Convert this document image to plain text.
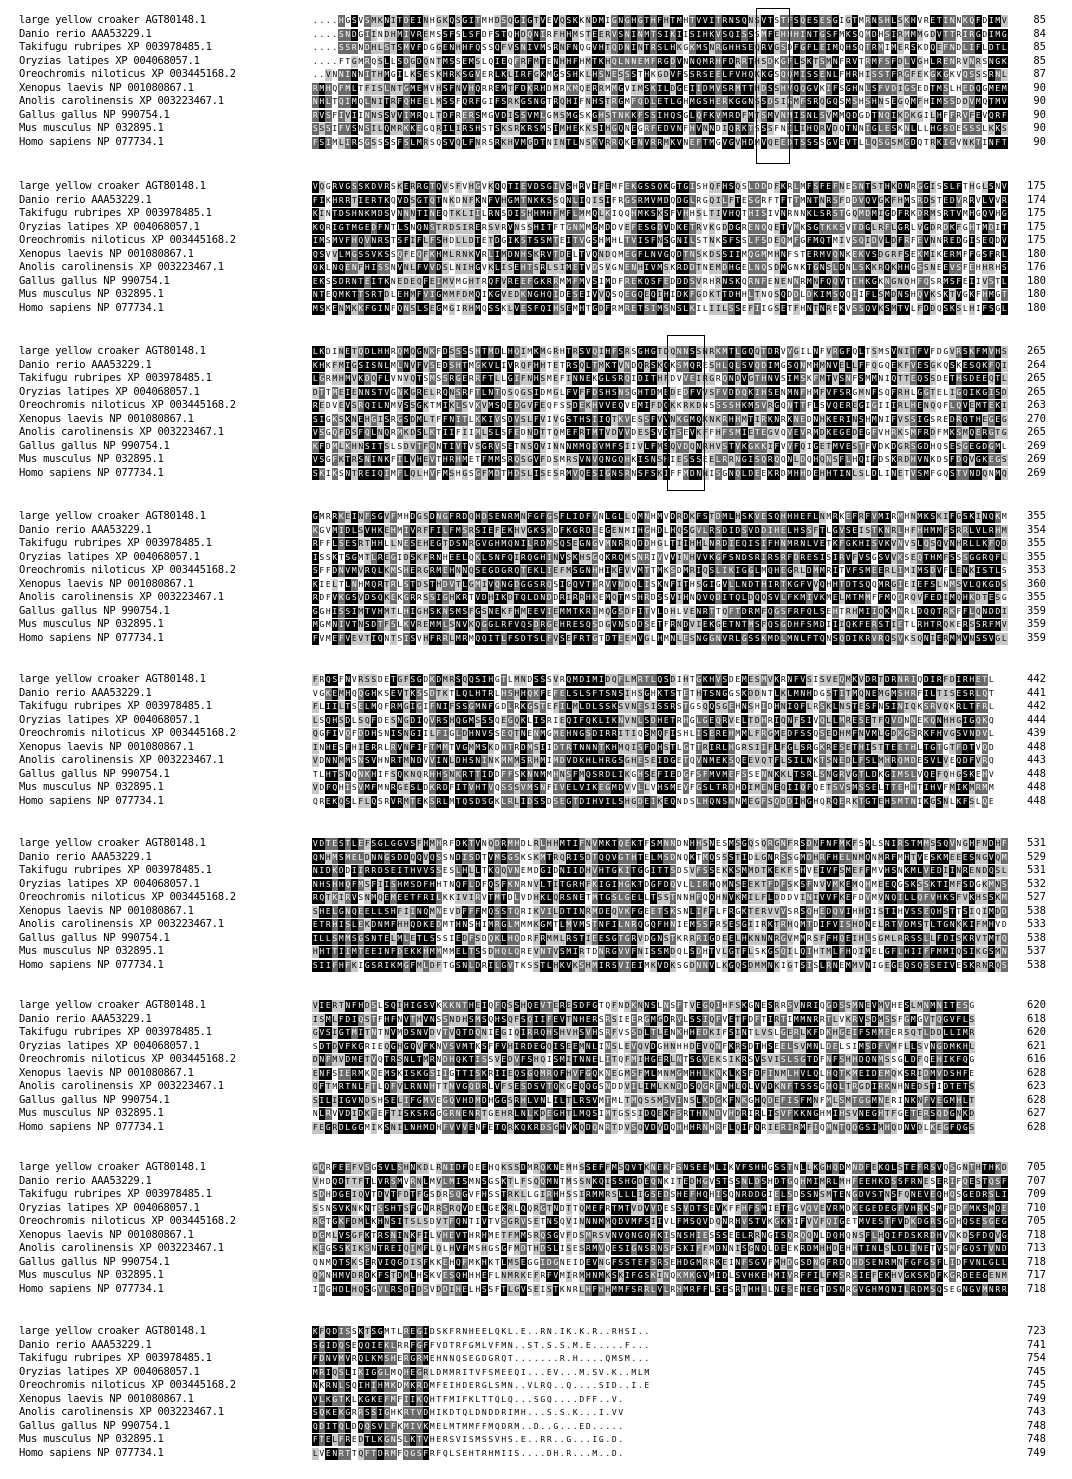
large yellow croaker AGT80148.1	. . . . H G S V S M K N I T D E I N H G K Q S G I T M H D S Q G I G T V E V Q S K K N D M I G N G H G T H F H T M H T V V I T R N S Q N S V T S T F S Q E S E S G I G T M R N S H L S K H V R E T I N N K Q F D I M V	85
Danio rerio AAA53229.1	. . . . S N D G I I N D H M I V R E M S S F S L S F D F S T Q H D Q N I R F H H M S T E E R V S N I N M T S I K I I S I H K V S Q I S S S M F E H H H I N T G S F M K S Q M D H S I R M M M G D V T T R I R G D I M G	84
Takifugu rubripes XP 003978485.1	. . . . S S R N D H L S T S M V F D G G E N H H F Q S S Q F V S N I V M S R N F N Q G V H T Q D N I N T R S L H K G K M S N R G H H S E Q R V G S D F G F L E I M Q H S Q T R M I M E R S K D Q E F N D L I F L D T L	85
Oryzias latipes XP 004068057.1	. . . . F T G M R Q S L L S D G D Q N T M S S E M S L Q I E Q F R F M T E N H H F H M T K H Q L N N E M F R G D V N N Q M R H F D R R T H S D K G F L S K T S M N F R V T R M F S F D L V G H L R E N R V N R S N G K	85
Oreochromis niloticus XP 003445168.2	. . V N N I N N I T H M G I L K S E S K H R K S G V E R L K L I R F G K M G S S H K L H S N E S S S T H K G D V F S S R S E E L F V H Q K K G S Q Q M I S S E N L F H R H I S S T F R G F E K G K G K V Q S S S R N L	87
Xenopus laevis NP 001080867.1	R M H Q F M L T F I S L N T G M E M V H S F N V H Q R R E M T F D K R H D M R K M Q E R R M M G V I M S K I L D G E I I D M V S R M T T H D S S H V Q Q G V K I F S G H N L S F V D I G S E D T M S L H E D Q G M E M	90
Anolis carolinensis XP 003223467.1	N H L T Q I M Q L N I T R F Q H E E L M S S F Q R F G I F S R K G S N G T R Q H I F N H S T R G M F Q D L E T L G H M G S H E R K G G N S S D S I G M F S R Q G Q S M S H S H N S E G Q M F H I M S S D D V M Q T M V	90
Gallus gallus NP 990754.1	R V S F I V I I N N S S V V I M R Q L T D F R E R S M G V D I S S V M L G M S M G S K G H S T N K K F S S I H Q S G L Q F K V M R D F M T S M V N M I S N L S V M M Q D G D T N Q I K D K G I L H F F R V F E V Q R F	90
Mus musculus NP 032895.1	S S S I F V S N S I L Q M R K K E G Q R I L I R S H S T S K S R K R S M S I M H E K K S I H G Q N E G R F E D V N F H V N N D I Q R K T S S S F N I L I H Q R V D Q T N N I G L E S K N L L L H G S D E S S S L K K S	90
Homo sapiens NP 077734.1	F S I M L I R S G S S S S F S L M R S Q S V Q L F N R S R K H V M G D T N I N T L N S K V R R Q K E N V R R M K V N E F T M G V G V H D M V Q E E D T S S S S G V E V T L L Q S G S M G D Q T R K I G V N K T I N F T	90
large yellow croaker AGT80148.1	V Q G R V G S S K D V R S K E R R G T Q V S F V H G V K Q Q T I E V D S G I V S H R V I F E M F E K G S S Q K G T G I S H Q F H S Q S L D D D F K R L M F S F E F N E S N T S T H K D N R G G I S S L F T H G L S N V	175
Danio rerio AAA53229.1	F I K H R R T I E R T K Q V D S G T Q T N K D N F K N F V H G M T N K K S S Q N L I Q I S I F R G S R M V M D Q D G L R G Q I L F T E S G R F T F T T M N T N R S F D D V Q V G K F H M S R D S T E D V R R V L V V R	174
Takifugu rubripes XP 003978485.1	K I N T D S H N K M D S V N N N T I N E Q T K L I I L R N S D I S H H M H F M F L M M Q L K I Q Q H M K S K S F V H H S L T I V H Q T H I S I V N R N N K L S R S T G Q M D M I G D F R K D R M S R T V M H G Q V H G	175
Oryzias latipes XP 004068057.1	K Q R I G T M G E D F N T L S N Q N S T R D S I R E R S V R V N S S H I T F T G N M M G M D D V E F E S G D V D K E T R V K G D D G R E N Q Q E T V M K S G T K K S V T D G L R F L G R L V G D R D K F G H T M D I T	175
Oreochromis niloticus XP 003445168.2	I M S M V F H Q V N R S T S F I F L F S H D L L D T E T D G I K S T S S M T E I T V G S H M H L T V I S F N S G N I L S T N K S F S S L F S D E Q M F G F M Q T M I V S Q I D V L D F R F E V N N R E D G I S E Q D V	175
Xenopus laevis NP 001080867.1	Q S V V L M G S S V K S S Q F E Q F K H M L R N K V R L I M D N H S K R V T D E L T V Q N D Q M E G F L N V G Q D T N S K D S S I I M Q G M M H N F S T E R M V Q N K E K V S D G R F S E K M I K E R M F F G S F R L	180
Anolis carolinensis XP 003223467.1	Q K L N Q E N F H I S S N V N L F V V D S L N I H G V K L I S E H T S R L S I M E T V D S V G N E N H I V M S K R D D T N E M D H G E L N Q S D M G N K T G N S L D N L S K K R Q K H H G S S N E E V S F E H H R H S	176
Gallus gallus NP 990754.1	E K S S D R N T E I T K N E D E Q F E I M V M G H T R Q F V R E E F G K R R M M F M V S I M D F R E K Q S F E D D D S V R H R N S K Q R N F E N E N N R M N F Q Q V T I H K G K N G N Q H F Q S R M S F E I I V S T L	180
Mus musculus NP 032895.1	N T E Q M K T T S R T D L E H M F V I G M M F D M Q I K G V E D K N G H Q I D E S E I V V Q S Q E G Q E Q I H I D K F G D K T T D H H L T N Q S Q D D L D K I M S Q Q I I F L S M D N S H Q V K S K T V G K F H M G T	180
Homo sapiens NP 077734.1	M S K E N M K K F G I N F Q N S L S E G M G I R H M Q S S K L V E S F Q I H S E M H T G D F R M R E T S I M S N S L K I L I I L S S E F I I G S E T F H N T N R E K V S S Q V K S M T V L F D D Q S K S L H I F S G L	180
large yellow croaker AGT80148.1	L K D I N E T Q D L H H R Q M Q G N K F D S S S S H T M D L H Q I M K M G R H T R S V Q I H F S R S G H G T D Q N N S S N R K M T L G Q Q T D R V V G I L N F V R G F Q L T S M S V N I T F V F D G V R S K F M V H S	265
Danio rerio AAA53229.1	K H K F M I G S I S N L M L N V F V S E D S H T M G K V L I V R Q F H H T E T R S Q L T M K T V N D Q R S K Q K S M Q R E S H L Q L S V Q D I M G S Q N M H M N V E L L F F Q G Q E K F V E S G K Q S K E S Q K F Q I	264
Takifugu rubripes XP 003978485.1	L G R M H M V K D Q F L V N V Q T S M S S R G E R R F T L L G I F N H S M E F I N N E K G L S R Q I D I T H F D V V E I R G R Q N D V G T H N V S I M S K F M T V S N F S M M N I Q T T E Q S S D E T H S D E E Q T L	265
Oryzias latipes XP 004068057.1	D T T M E I E N N S T V G N K G R E L R Q N S R F T L N T Q S Q G S I D M G L F V F F D S H S N S G H T D M E D E D F V V S F V D D Q K I H S E N M N F H M F V F S R G M N F S Q F R H L G G T E L I G Q I K G I S D	265
Oreochromis niloticus XP 003445168.2	R E D V E V S R Q I L N M V S S G K T M I K L S V K V M S Q E D G V F E Q F S S D E K H V V E Q V E M I F D Q K K R K D N S S S S H K M S V R G Q N T T F L S V Q E R E G I G I I I R L H E N Q Q F L Q V E M T E K I	263
Xenopus laevis NP 001080867.1	S I G K S K N E H G I S R G S D M L T F F N I T L K K I V S D V S L F V I V G S T H S I I Q T K V E S S F V V N K G M Q K N K R H H M T I R K N R K N E D N H K E R I N S H M N I F V S S I G S R E D R Q T H E G E G	270
Anolis carolinensis XP 003223467.1	V S G Q F D S F Q L N Q R M K D S L K T I I F I I M L S L S F E D N D T T Q M E F R T M T V D V V D E S S V D T S E V K F F H F S M I E T E G V Q V E V R M D K E G E D E G F V H R K S M F R D F M K S M Q E R G T G	265
Gallus gallus NP 990754.1	K F D M L K H N S I T S L S D V T F Q N T I V T V S G R V S E T N S Q V I N N N M M Q D V M F S I I V L F M S Q V D Q N R H V S T V K G K K I F V V F Q I G E T M V E S T F V D K D G R S G D H Q S E S G E G D G M L	269
Mus musculus NP 032895.1	V S G F K T R S N I N K F I L V H E V T H R H M E T F M M S R Q S G V F D S M R S V N V Q N G Q H K I S N S H I E S S S E E L R R N G I S Q R Q Q N L D Q H Q N S F L H Q I F D S K R D H V N K D S F D Q V G K E G S	269
Homo sapiens NP 077734.1	S K I K S N T R E I Q I M F L Q L H V F M S H G S G F M D T H D S L I S E S R M V Q E S I G N S R N S F S K I F F M D N N I S G N Q L D E E K R D M H H D E H H T I N L S L D L I N E T V S M F G Q S T V N D Q N M Q	269
large yellow croaker AGT80148.1	G M R R K E I N F S G V F M H D G S D N G F R D Q H D S E N R M N F G F G S F L I D F V N L G L L Q M N H M V D R D K F S T D M L H S K V E S Q H H H E F L N M R K E F R F V M I R M H N M K S K I F G S K I N Q K M	355
Danio rerio AAA53229.1	K G V M I D L S V H K E H M I V R F F I L F M S R S I E F E K H V G K S K D F K G R D E E G E N M I H G H D L H Q S G V L R S D I D S V D D I H E L H S S F T L G V S E I S T K N R L H F H H M M F S R R L V L R H M	354
Takifugu rubripes XP 003978485.1	R F F L S E S R T H H L L N E S E H E G T D S N R G V G H M Q N I L R D M S Q S E G N G V M N R R Q D D H G L T I I H H L N R D I E Q I S I F H N M R N L V E T K F G K H I S V K V N V S L Q S Q V N H R L L K F Q D	355
Oryzias latipes XP 004068057.1	I S S K T S G M T L R E G I D S K F R N H E E L Q K L S N F Q I R Q G H I N V S K H S G Q K R Q M S N R I V V V I N H V V K G F S N D S R I R S R F D R E S I S I R V F V S G S V V K S E Q T H M F S S S G G R Q F L	355
Oreochromis niloticus XP 003445168.2	S F F D N V M V R Q L K M S H E R G R M E H N N Q S E G D G R Q T E K L I E F M S G N H H I K E V V M T T M K S D M R I Q S L I K I G G L M Q H E G R L D M M R I T V F S M E E R L I M I M S D V F L E N K I S T L S	353
Xenopus laevis NP 001080867.1	K I E L T L N H M Q R T R L S T D S T H D V T L G M I V Q N G D G G S R Q S I G Q V T H R V V N D Q L I S K N F I T H S G I G V L L N D T H I R T K G F V V Q H H T D T S Q Q M R G I E I E F S L N M S V L Q K G D S	360
Anolis carolinensis XP 003223467.1	R D F V K G S V D S Q K E K G R R S S I G H K R T V D H I K D T Q L D N D D R I R R H K E M Q T M S H R D S S V I H N Q V Q D I T Q L D Q Q S V L F K M I V K M E L M T M M F F M Q D R Q V F E D I M Q H K D T E S G	355
Gallus gallus NP 990754.1	G G H I S S I M T V H M T L H I G H S K N S M S F G S N E K F H M E E V I E M M T K R I M Q G S D F I T V L D H L V E N R T T Q F T D R M F Q G S F R F Q L S E H T R H M I I Q K M N R L D Q Q T R K F F L Q N D D I	359
Mus musculus NP 032895.1	M G M N I V T N S D T F S L K V R E M M L S N V K Q G G L R F V Q S D R G E H R E S Q S D G V N S D D S E T F R N D V I E K G E T N T M S F Q S G D H F S M D I I I Q K F E R S T I E T L R H T R Q K E R S S R F M V	359
Homo sapiens NP 077734.1	F V M E F V E V T I Q N T S I S V H F R R L M R M Q Q I T L F S D T S L F V S E F R T G T D T E E M V G L H M N L E S N G G N V R L G S S K M D L M N L F T Q N S Q D I K R V R Q S V K S Q N I E R M M V N S S V G L	359
large yellow croaker AGT80148.1	F R Q S F N V R S S D E T G F S G D K D M R S Q Q S I H G T L M N D S S S V R Q M D I M I D Q F L M R T L Q S D I H T G K H V S D E M E S M V K R N F V S I S V E Q M K V D R T D R N R I Q D I R F D I R H E T L	442
Danio rerio AAA53229.1	V G K E M H Q Q G H K S E V T K S S D T K T L Q L H T R L H S H H Q K F E F E L S L S F T S N S I H S G H K T S T E T H T S N G G S K D D N T L K L M N H D G S T I T M Q N E M G M S H R F I L T I S E S R L Q T	441
Takifugu rubripes XP 003978485.1	F L I I L T S E L M Q F R M G I G I F N I F S S G M N F G D L R K G S T E F I L M L D L S S K S V N E S I S S R S T G S Q Q S G E H N S H I D H N I Q F L R S K L N S T E S F N S I N I Q K S R V Q K R L T F R L	442
Oryzias latipes XP 004068057.1	L S Q H S D L S Q F D E S N G D I Q V R S H Q G M S S S Q E G Q K L I S R I E Q I F Q K L I K N V N L S D H E T R H G L G E Q R V E L T D H R I Q N F S I V Q L L M R E S E T F Q V D N N E K Q N H H G I G Q K Q	444
Oreochromis niloticus XP 003445168.2	Q G F I V Q F D D H S N I S N G I I L F I G L D H N V S S E Q T N E N M G M E H N G S D I R R I T I Q S M Q F I S H L I S E R E H M M L F R G M E D F S S Q S E D H M F N V M L G D K G S R K F H V G S V N D V L	439
Xenopus laevis NP 001080867.1	I N H E S F H I E R R L R V N F I F T M M T V G M M S K D H T R D M S I I D T R T N N N T K H M Q I S F D H S T L G T T R I R L H G R S I I F L F G L S R G K R E S E T H I S T T E E T H L T G T G T F D T V Q D	448
Anolis carolinensis XP 003223467.1	V D N N M M S N S V H N R T M N D V V I N L D H S N I N K M M M S R H M I M D V D K H L H R G S G H E S E I D G E T Q V N M E K S Q E E V Q T F L S I L N K T S N E D L F S L M H R Q M D E S V L V E Q D F V R Q	443
Gallus gallus NP 990754.1	T L H T S N Q N K H I F S Q K N Q R H H S N K R T T I D D F F S K N N M M H N S F M Q S R D L I K G H S E F I E D G F S F M V M E F S S E N N K K L T S R L S N G R V G T L D K G I M S L V Q E F Q H G S K E H V	448
Mus musculus NP 032895.1	V D F Q H I S V M F M N R G E S L D K R D F I T V H T V Q S S S V M S N F I V E L V I K E G M D V V L L V H S M E V F G S L T R D H D I M E N E Q I I Q F Q E T S V S M S S E L T T E H H T I H V F M I K M R M M	448
Homo sapiens NP 077734.1	Q R E K Q S L F L Q S R V R M T E K S R L M T Q S D S G K L R L I D S S D S E G T D I H V I L S H G D E I K E Q N D S L H Q N S N N M E G F S Q D D I H G H Q R Q E R K T G T E H S M T N I K G S N L K F S L Q E	448
large yellow croaker AGT80148.1	V D T E S T L E F S G L G G V S F H M H R F D K T V N Q D R M H D L R L H H M T I F N V M K T Q E K T F S M N N D N H H S N E S M S G Q S Q R G N F R S D N F N F M K F S M L S N I R S T M M S S Q V N G H F N D H F	531
Danio rerio AAA53229.1	Q N H M S M E L D N N G S D D Q Q V Q S S N D I S D T V M S G S K S K M T R Q R I S D T Q Q V G T H T E L M S D N Q K T M Q S S S T I D L G N R S S G M D H R F H E L N M Q N M R F M H T V E S K M E E E S N G V Q M	529
Takifugu rubripes XP 003978485.1	N I D K D D I I R R D S E I T H V V S S E S L H L L T K Q Q V N E M D G I D N I I D H V H T G K I T G G I T T S D S V F S S E K K S M M D T K E K F S H V E I V F S M E F F M V H S N K M L V E D I I N R E N D Q S L	531
Oryzias latipes XP 004068057.1	N H S H H Q F M S F I I S H M S D F H H T N Q F L D F Q S F K N R N V L T I T G R H F K I G I H G K T D G F D Q V L L I R H Q M N S E E K T F D F S K S F N V V M K E M Q H M E E Q G S K S S K T I M F S D G K M N S	532
Oreochromis niloticus XP 003445168.2	R Q T K I R V S N M Q E M E E T F R I L K K I V I R V T M T D L V D H K L Q R S N E T M T G S L G E L L T S S T N N H F Q Q H N V K M I L F L D D D V I N I V V F K E F D V M V N Q I L L Q F V H K S F V K H S S K M	527
Xenopus laevis NP 001080867.1	S H E L G N Q E E L L S H F I I N Q M N E V D F F F M Q S S T Q R I K V I L D T I N R M D E Q V K F G E E T S K S N L I F F L F R G K T E R V V V S R S Q H E D Q V I H H D I S T I H V S S E Q H S T T S I Q I M D D	538
Anolis carolinensis XP 003223467.1	E T R H I S L E K D N M F H H Q D K E D M T H N S H I M R G L M M M K G M T L M V M S T N F I L N R Q G Q F H N I E M S S F R S E S G I I R K T R H Q M T D I F V I S H D N E L R T V D M S T L T G N K K I F M H V D	533
Gallus gallus NP 990754.1	I L L S M M S G S N T E L M L E T L S S S I E D F S D Q K L H Q D R F R M M L R S T I E E S G T G R V D G N S T K R R R I G D E E L H K N N N R G V M M R S F F H Q E I H L S G M L R R S S L L F D I S K R V T M T Q	538
Mus musculus NP 032895.1	H H T T I I M T E E I N F D E K K H M M M M E L T S S D H Q L Q R E V N T V S M I R T D N R G V V F N I S S M D Q L S D H T V L G T F L S K G S Q I L Q I H T M L F H Q I M E L G F L H I I F F M M I Q S I K G S M N	537
Homo sapiens NP 077734.1	S I I F H F K I G S R I K M G F M L D F T G S N L D R I L G V T K S S T L H K V K S H M I R S V I E I M K V D K S G D N N V L K G Q S D M M N K I G T S I S L R N E M M V N I G E G E Q S Q S S E I V E S K R N R Q S	538
large yellow croaker AGT80148.1	V I E R T N F H D S L S Q I H I G S V K K K N T H E I Q F Q S S H Q E V T E R E S D F G T Q F N D K N N S L N S F T V E G Q I H F S K G N E S R R S V N R I Q G D S S M N E V M V H E S L M N M N I T E S G	620
Danio rerio AAA53229.1	I S M L F D I Q S T F H F N V T H V N S S N D H S M S Q H S Q F S Q I I F E V T N H E R S R S I E E R G M G D R V L S S I Q F V E T F D F T I R T I M M N R R T L V K R V S D M S S F G M G V T Q G V F L S	618
Takifugu rubripes XP 003978485.1	G V S I G T M I T N T N V M D S N V D V T V Q T D Q N I E G I Q I R R Q H S H V H S V H S R F V S S D L T L E N K H H E D K I F S I N T L V S L G E R L K F D K H G E I F S M M E E R S Q T L D D L L I M R	620
Oryzias latipes XP 004068057.1	S D T D V F K G R I E Q G H G Q V F K N V S V M T K S F F V H I R D E G Q I S E E M N L I N S L E V Q V D G H N H H D E V Q N F K R S D T H S E E L S V M N L D E L S I M S D F V M F L L S V N G D M K H L	621
Oreochromis niloticus XP 003445168.2	D N F M V D M E T V Q T R S N L T M R N D H Q K T I S S V E D V F S H Q I S M I T N N E L I T Q F M I H G E R L N T S G V E K S I K R S V S V I S L S G T D F N F S H H D Q N M S S G L D F Q E H I K F Q G	616
Xenopus laevis NP 001080867.1	E N F S I E R M K Q E M S K I S K G S I I G T T I S K R I I E Q S G Q M R Q F H V F G Q K N E G M S F M L M N M G M H H L K N K L K S F D F I N M L H V L Q L H Q T K M E I D E M Q K S R I D M V D S H F E	628
Anolis carolinensis XP 003223467.1	Q F T M R T N L F T L Q F V L R N N H T T N V G Q D R L V F S E S D S V T Q K G E Q Q G S N D D V I L I M L K N D D S Q G R F N H L Q L V V D K N F T S S S G H Q L T R G D I R K N H N E D S T I D T E T S	623
Gallus gallus NP 990754.1	S I L I I G V N D S H S E L I F G M V E G Q V H D M D H G G S R H L V N L I L T L R S V M T M L T M Q S S M S V I N S L K D G K F N K G H Q D E F I S F M N F M L S M T G G M N E R I N K N F V E G M H L T	628
Mus musculus NP 032895.1	N L R V V D I D K F E F T I S K S R G G G R N E N R T G E H R L N L K D E G H T L M Q S I M T G S S I D Q E K F S R T H N N D V H D R I R L I S V F K K N G H M I H S V N E G H T F G E T E R S Q D G N K D	627
Homo sapiens NP 077734.1	F E G R D L G G M I K S N I L N H M D H F V V V E N F E T Q R K Q K R D S G H V K Q D Q N R T D V S Q V D V D Q H H H R N H R F L Q I F Q R I E R I R M F I Q M N T Q Q G S I M H Q D N V D L K E G F Q G S	628
large yellow croaker AGT80148.1	G Q R F E E F V S G S V L S H N K D L R N I D F Q E E H Q K S S D M R Q K N E M H S S E F F M S Q V T K N E K F S N S E E M L I K V F S H H G S S T N L L K G H Q D M N D F E K Q L S T E F R S V Q S G N T H T H K D	705
Danio rerio AAA53229.1	V H D Q D T T F T L V R S M V R N L M V L M I S M N S G S K T L F S Q Q M N T M S S N K Q I S S H G D E Q N K I T E D H G V S T S S N L D S H D T G Q H M I M R L M H F E E H K D S S F R N E S E R I F Q E S T Q S F	707
Takifugu rubripes XP 003978485.1	S D H D G E I Q V T D V T F D T F G S D R S Q G V F H S S T R K L L G I R H H S S I R M M R S L L L I G S E D S H E F H Q H I S Q N R D D G I E L S D S S N S M T E N G D V S T N S F Q N E V E Q H Q S G E D R S L I	709
Oryzias latipes XP 004068057.1	S S N S V K N K N T S S H T S F G N R R S R Q V D E L G E K R L Q Q R G T N D T T Q M E F R T M T V D V V D E S S V D T S E V K F F H F S M I E T E G V Q V E V R M D K E G E D E G F V H R K S M F R D F M K S M Q E	710
Oreochromis niloticus XP 003445168.2	R G T G K F D M L K H N S I T S L S D V T F Q N T I V T V S G R V S E T N S Q V I N N N M M Q D V M F S I I V L F M S Q V D Q N R H V S T V K G K K I F V V F Q I G E T M V E S T F V D K D G R S G D H Q S E S G E G	705
Xenopus laevis NP 001080867.1	D G M L V S G F K T R S N I N K F I L V H E V T H R H M E T F M M S R Q S G V F D S M R S V N V Q N G Q H K I S N S H I E S S S E E L R R N G I S Q R Q Q N L D Q H Q N S F L H Q I F D S K R D H V N K D S F D Q V G	718
Anolis carolinensis XP 003223467.1	K E G S S K I K S N T R E I Q I M F L Q L H V F M S H G S G F M D T H D S L I S E S R M V Q E S I G N S R N S F S K I F F M D N N I S G N Q L D E E K R D M H H D E H H T I N L S L D L I N E T V S M F G Q S T V N D	713
Gallus gallus NP 990754.1	Q N M Q T S K S E R V I Q G D I S F K K E H Q F M K H K T L M S E G G I D G N E I D E V N G F S S T E F S R S E H D G M R R K E I N F S G V F M H D G S D N G F R D Q H D S E N R M N F G F G S F L I D F V N L G L L	718
Mus musculus NP 032895.1	Q M N H M V D R D K F S T D M L H S K V E S Q H H H E F L N M R K E F R F V M I R M H N M K S K I F G S K I N Q K M K G V M I D L S V H K E H M I V R F F I L F M S R S I E F E K H V G K S K D F K G R D E E G E N M	717
Homo sapiens NP 077734.1	I H G H D L H Q S G V L R S D I D S V D D I H E L H S S F T L G V S E I S T K N R L H F H H M M F S R R L V L R H M R F F L S E S R T H H L L N E S E H E G T D S N R G V G H M Q N I L R D M S Q S E G N G V M N R R	718
large yellow croaker AGT80148.1	K F Q D I S S K T S G M T L R E G I D S K F R N H E E L Q K L . E . . R N . I K . K . R . . R H S I . .	723
Danio rerio AAA53229.1	S G I D Q S E Q Q I E K L R R F G F F V D T R F G M L V F M N . . S T . S . S . M . E . . . . . F . . .	741
Takifugu rubripes XP 003978485.1	F D N V M V R Q L K M S H E R G R M E H N N Q S E G D G R Q T . . . . . . . R . H . . . . Q M S M . . .	754
Oryzias latipes XP 004068057.1	M R I Q S L I K I G G L M Q H E G R L D M M R I T V F S M E E Q I . . . E V . . . M . S V . K . . M L M	745
Oreochromis niloticus XP 003445168.2	N K R N L S Q I H I H M K D M K R D M F E I H D E R G L S M N . . V L R Q . . Q . . . . S I D . . I . E	745
Xenopus laevis NP 001080867.1	V L K G T K L K G K E F M F I I K Q H T F M I F K L T T Q L Q . . . S G Q . . . . D F F . . V .	749
Anolis carolinensis XP 003223467.1	S Q K E K G R R S S I G H K R T V D H I K D T Q L D N D D R I M H . . . S . S . K . . . I . V V	743
Gallus gallus NP 990754.1	Q D I T Q L D Q Q S V L F K M I V K M E L M T M M F F M Q D R M . . D . . G . . . E D . . . . .	748
Mus musculus NP 032895.1	F T E L F R E D T L K G N S L K T V H E R S V I S M S S V H S . E . . R R . . G . . . I G . D .	748
Homo sapiens NP 077734.1	L V E N R T T Q F T D R M F Q G S F R F Q L S E H T R H M I I S . . . . D H . R . . . M . . D .	749
